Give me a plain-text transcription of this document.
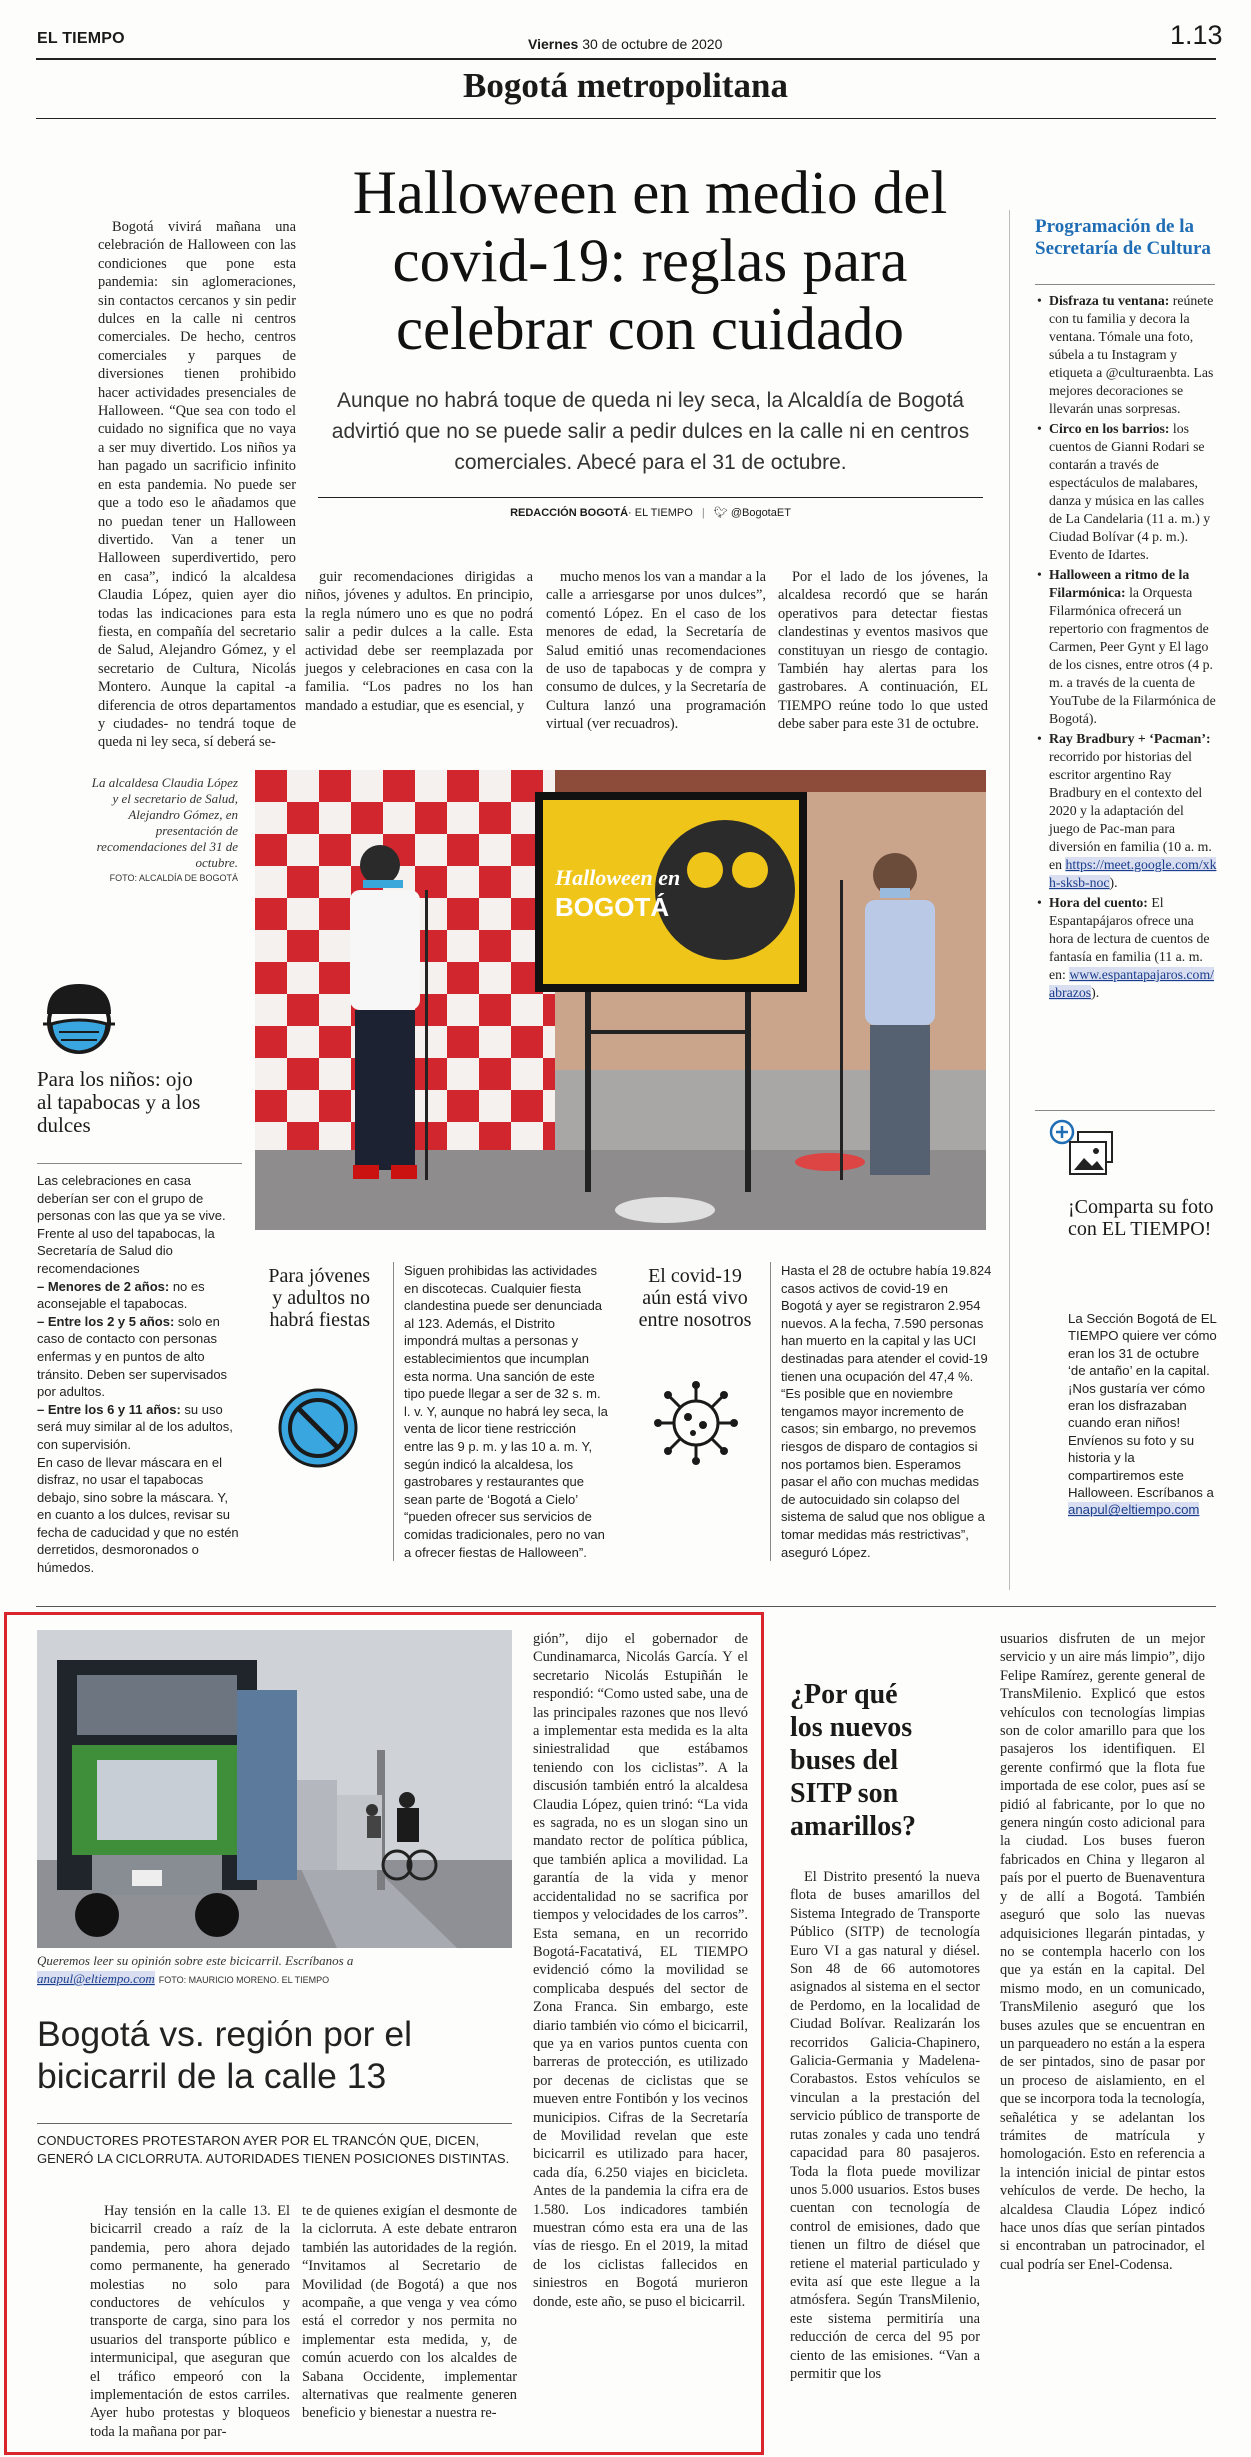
EL TIEMPO	Viernes 30 de octubre de 2020	1.13
Bogotá metropolitana

Bogotá vivirá mañana una celebración de Halloween con las condiciones que pone esta pandemia: sin aglomeraciones, sin contactos cercanos y sin pedir dulces en la calle ni centros comerciales. De hecho, centros comerciales y parques de diversiones tienen prohibido hacer actividades presenciales de Halloween. “Que sea con todo el cuidado no significa que no vaya a ser muy divertido. Los niños ya han pagado un sacrificio infinito en esta pandemia. No puede ser que a todo eso le añadamos que no puedan tener un Halloween divertido. Van a tener un Halloween superdivertido, pero en casa”, indicó la alcaldesa Claudia López, quien ayer dio todas las indicaciones para esta fiesta, en compañía del secretario de Salud, Alejandro Gómez, y el secretario de Cultura, Nicolás Montero. Aunque la capital -a diferencia de otros departamentos y ciudades- no tendrá toque de queda ni ley seca, sí deberá se-

Halloween en medio del
covid-19: reglas para
celebrar con cuidado
Aunque no habrá toque de queda ni ley seca, la Alcaldía de Bogotá advirtió que no se puede salir a pedir dulces en la calle ni en centros comerciales. Abecé para el 31 de octubre.
REDACCIÓN BOGOTÁ· EL TIEMPO | 🐦︎ @BogotaET

guir recomendaciones dirigidas a niños, jóvenes y adultos. En principio, la regla número uno es que no podrá salir a pedir dulces a la calle. Esta actividad debe ser reemplazada por juegos y celebraciones en casa con la familia. “Los padres no los han mandado a estudiar, que es esencial, y

mucho menos los van a mandar a la calle a arriesgarse por unos dulces”, comentó López. En el caso de los menores de edad, la Secretaría de Salud emitió unas recomendaciones de uso de tapabocas y de compra y consumo de dulces, y la Secretaría de Cultura lanzó una programación virtual (ver recuadros).

Por el lado de los jóvenes, la alcaldesa recordó que se harán operativos para detectar fiestas clandestinas y eventos masivos que constituyan un riesgo de contagio. También hay alertas para los gastrobares. A continuación, EL TIEMPO reúne todo lo que usted debe saber para este 31 de octubre.

La alcaldesa Claudia López y el secretario de Salud, Alejandro Gómez, en presentación de recomendaciones del 31 de octubre.
FOTO: ALCALDÍA DE BOGOTÁ	Halloween en
BOGOTÁ
Programación de la Secretaría de Cultura
• Disfraza tu ventana: reúnete con tu familia y decora la ventana. Tómale una foto, súbela a tu Instagram y etiqueta a @culturaenbta. Las mejores decoraciones se llevarán unas sorpresas.
• Circo en los barrios: los cuentos de Gianni Rodari se contarán a través de espectáculos de malabares, danza y música en las calles de La Candelaria (11 a. m.) y Ciudad Bolívar (4 p. m.). Evento de Idartes.
• Halloween a ritmo de la Filarmónica: la Orquesta Filarmónica ofrecerá un repertorio con fragmentos de Carmen, Peer Gynt y El lago de los cisnes, entre otros (4 p. m. a través de la cuenta de YouTube de la Filarmónica de Bogotá).
• Ray Bradbury + ‘Pacman’: recorrido por historias del escritor argentino Ray Bradbury en el contexto del 2020 y la adaptación del juego de Pac-man para diversión en familia (10 a. m. en https://meet.google.com/xkh-sksb-noc).
• Hora del cuento: El Espantapájaros ofrece una hora de lectura de cuentos de fantasía en familia (11 a. m. en: www.espantapajaros.com/abrazos).
¡Comparta su foto con EL TIEMPO!
La Sección Bogotá de EL TIEMPO quiere ver cómo eran los 31 de octubre ‘de antaño’ en la capital. ¡Nos gustaría ver cómo eran los disfrazaban cuando eran niños! Envíenos su foto y su historia y la compartiremos este Halloween. Escríbanos a anapul@eltiempo.com
Para los niños: ojo al tapabocas y a los dulces

Las celebraciones en casa deberían ser con el grupo de personas con las que ya se vive. Frente al uso del tapabocas, la Secretaría de Salud dio recomendaciones

– Menores de 2 años: no es aconsejable el tapabocas.

– Entre los 2 y 5 años: solo en caso de contacto con personas enfermas y en puntos de alto tránsito. Deben ser supervisados por adultos.

– Entre los 6 y 11 años: su uso será muy similar al de los adultos, con supervisión.

En caso de llevar máscara en el disfraz, no usar el tapabocas debajo, sino sobre la máscara. Y, en cuanto a los dulces, revisar su fecha de caducidad y que no estén derretidos, desmoronados o húmedos.

Para jóvenes y adultos no habrá fiestas
Siguen prohibidas las actividades en discotecas. Cualquier fiesta clandestina puede ser denunciada al 123. Además, el Distrito impondrá multas a personas y establecimientos que incumplan esta norma. Una sanción de este tipo puede llegar a ser de 32 s. m. l. v. Y, aunque no habrá ley seca, la venta de licor tiene restricción entre las 9 p. m. y las 10 a. m. Y, según indicó la alcaldesa, los gastrobares y restaurantes que sean parte de ‘Bogotá a Cielo’ “pueden ofrecer sus servicios de comidas tradicionales, pero no van a ofrecer fiestas de Halloween”.
El covid-19 aún está vivo entre nosotros
Hasta el 28 de octubre había 19.824 casos activos de covid-19 en Bogotá y ayer se registraron 2.954 nuevos. A la fecha, 7.590 personas han muerto en la capital y las UCI destinadas para atender el covid-19 tienen una ocupación del 47,4 %. “Es posible que en noviembre tengamos mayor incremento de casos; sin embargo, no prevemos riesgos de disparo de contagios si nos portamos bien. Esperamos pasar el año con muchas medidas de autocuidado sin colapso del sistema de salud que nos obligue a tomar medidas más restrictivas”, aseguró López.
Queremos leer su opinión sobre este bicicarril. Escríbanos a
anapul@eltiempo.com FOTO: MAURICIO MORENO. EL TIEMPO
Bogotá vs. región por el
bicicarril de la calle 13
CONDUCTORES PROTESTARON AYER POR EL TRANCÓN QUE, DICEN, GENERÓ LA CICLORRUTA. AUTORIDADES TIENEN POSICIONES DISTINTAS.

Hay tensión en la calle 13. El bicicarril creado a raíz de la pandemia, pero ahora dejado como permanente, ha generado molestias no solo para conductores de vehículos y transporte de carga, sino para los usuarios del transporte público e intermunicipal, que aseguran que el tráfico empeoró con la implementación de estos carriles. Ayer hubo protestas y bloqueos toda la mañana por par-

te de quienes exigían el desmonte de la ciclorruta. A este debate entraron también las autoridades de la región. “Invitamos al Secretario de Movilidad (de Bogotá) a que nos acompañe, a que venga y vea cómo está el corredor y nos permita no implementar esta medida, y, de común acuerdo con los alcaldes de Sabana Occidente, implementar alternativas que realmente generen beneficio y bienestar a nuestra re-

gión”, dijo el gobernador de Cundinamarca, Nicolás García. Y el secretario Nicolás Estupiñán le respondió: “Como usted sabe, una de las principales razones que nos llevó a implementar esta medida es la alta siniestralidad que estábamos teniendo con los ciclistas”. A la discusión también entró la alcaldesa Claudia López, quien trinó: “La vida es sagrada, no es un slogan sino un mandato rector de política pública, que también aplica a movilidad. La garantía de la vida y menor accidentalidad no se sacrifica por tiempos y velocidades de los carros”. Esta semana, en un recorrido Bogotá-Facatativá, EL TIEMPO evidenció cómo la movilidad se complicaba después del sector de Zona Franca. Sin embargo, este diario también vio cómo el bicicarril, que ya en varios puntos cuenta con barreras de protección, es utilizado por decenas de ciclistas que se mueven entre Fontibón y los vecinos municipios. Cifras de la Secretaría de Movilidad revelan que este bicicarril es utilizado para hacer, cada día, 6.250 viajes en bicicleta. Antes de la pandemia la cifra era de 1.580. Los indicadores también muestran cómo esta era una de las vías de riesgo. En el 2019, la mitad de los ciclistas fallecidos en siniestros en Bogotá murieron donde, este año, se puso el bicicarril.

¿Por qué
los nuevos
buses del
SITP son
amarillos?

El Distrito presentó la nueva flota de buses amarillos del Sistema Integrado de Transporte Público (SITP) de tecnología Euro VI a gas natural y diésel. Son 48 de 66 automotores asignados al sistema en el sector de Perdomo, en la localidad de Ciudad Bolívar. Realizarán los recorridos Galicia-Chapinero, Galicia-Germania y Madelena-Corabastos. Estos vehículos se vinculan a la prestación del servicio público de transporte de rutas zonales y cada uno tendrá capacidad para 80 pasajeros. Toda la flota puede movilizar unos 5.000 usuarios. Estos buses cuentan con tecnología de control de emisiones, dado que tienen un filtro de diésel que retiene el material particulado y evita así que este llegue a la atmósfera. Según TransMilenio, este sistema permitiría una reducción de cerca del 95 por ciento de las emisiones. “Van a permitir que los

usuarios disfruten de un mejor servicio y un aire más limpio”, dijo Felipe Ramírez, gerente general de TransMilenio. Explicó que estos vehículos con tecnologías limpias son de color amarillo para que los pasajeros los identifiquen. El gerente confirmó que la flota fue importada de ese color, pues así se pidió al fabricante, por lo que no genera ningún costo adicional para la ciudad. Los buses fueron fabricados en China y llegaron al país por el puerto de Buenaventura y de allí a Bogotá. También aseguró que solo las nuevas adquisiciones llegarán pintadas, y no se contempla hacerlo con los que ya están en la capital. Del mismo modo, en un comunicado, TransMilenio aseguró que los buses azules que se encuentran en un parqueadero no están a la espera de ser pintados, sino de pasar por un proceso de aislamiento, en el que se incorpora toda la tecnología, señalética y se adelantan los trámites de matrícula y homologación. Esto en referencia a la intención inicial de pintar estos vehículos de verde. De hecho, la alcaldesa Claudia López indicó hace unos días que serían pintados si encontraban un patrocinador, el cual podría ser Enel-Codensa.
